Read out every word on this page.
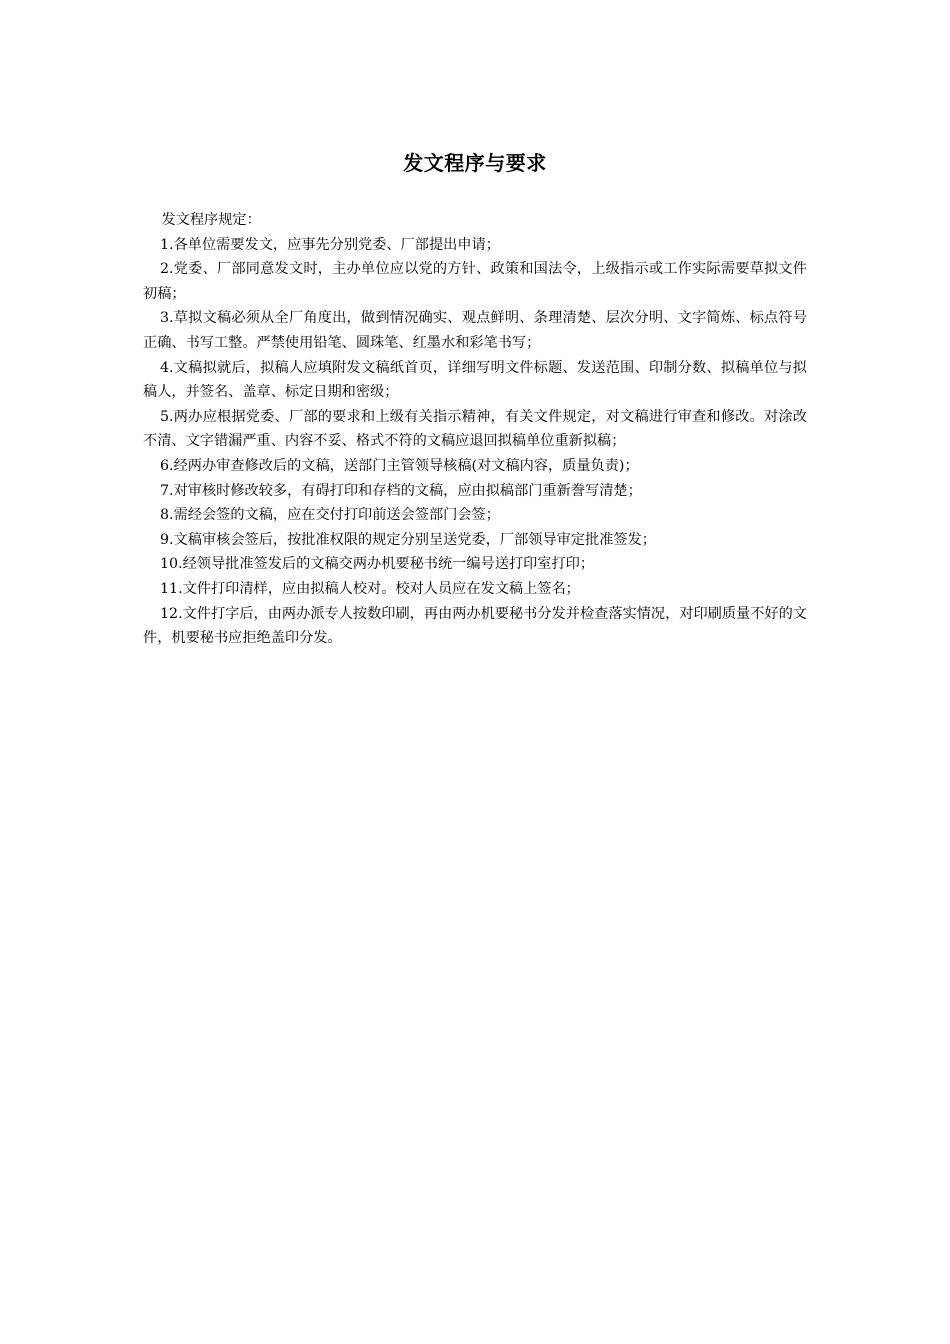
发文程序与要求

发文程序规定：

1.各单位需要发文，应事先分别党委、厂部提出申请；

2.党委、厂部同意发文时，主办单位应以党的方针、政策和国法令，上级指示或工作实际需要草拟文件初稿；

3.草拟文稿必须从全厂角度出，做到情况确实、观点鲜明、条理清楚、层次分明、文字简炼、标点符号正确、书写工整。严禁使用铅笔、圆珠笔、红墨水和彩笔书写；

4.文稿拟就后，拟稿人应填附发文稿纸首页，详细写明文件标题、发送范围、印制分数、拟稿单位与拟稿人，并签名、盖章、标定日期和密级；

5.两办应根据党委、厂部的要求和上级有关指示精神，有关文件规定，对文稿进行审查和修改。对涂改不清、文字错漏严重、内容不妥、格式不符的文稿应退回拟稿单位重新拟稿；

6.经两办审查修改后的文稿，送部门主管领导核稿(对文稿内容，质量负责)；

7.对审核时修改较多，有碍打印和存档的文稿，应由拟稿部门重新誊写清楚；

8.需经会签的文稿，应在交付打印前送会签部门会签；

9.文稿审核会签后，按批准权限的规定分别呈送党委，厂部领导审定批准签发；

10.经领导批准签发后的文稿交两办机要秘书统一编号送打印室打印；

11.文件打印清样，应由拟稿人校对。校对人员应在发文稿上签名；

12.文件打字后，由两办派专人按数印刷，再由两办机要秘书分发并检查落实情况，对印刷质量不好的文件，机要秘书应拒绝盖印分发。
